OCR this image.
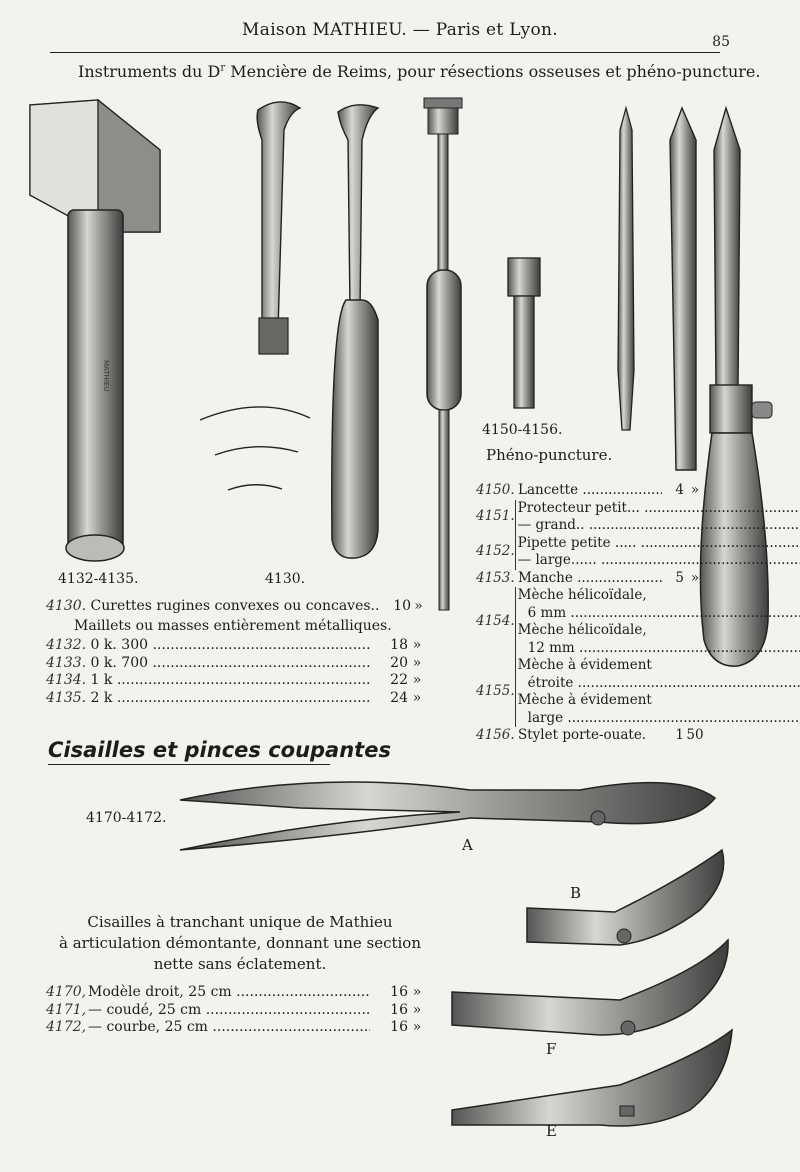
MATHIEU
Maison MATHIEU. — Paris et Lyon.
85
Instruments du $D^r$ Mencière de Reims, pour résections osseuses et phéno-puncture.
4132-4135.	4130.
4150-4156.
Phéno-puncture.
4130.
Curettes rugines convexes ou concaves.. 10 »
Maillets ou masses entièrement métalliques.
4132.
0 k. 300 .....	18 »
4133.
0 k. 700 .....	20 »
4134.
1 k .....	22 »
4135.
2 k .....	24 »
4150. Lancette .....	4 »
4151. Protecteur petit... .....
— grand.. .....
4152. Pipette petite ..... .....
— large...... .....
4153. Manche .....	5 »
4154.
Mèche hélicoïdale,
6 mm .....
Mèche hélicoïdale,
12 mm .....
4155.
Mèche à évidement
étroite .....
Mèche à évidement
large .....
4156. Stylet porte-ouate.	1 50
Cisailles et pinces coupantes
4170-4172.
A
B
F
E
Cisailles à tranchant unique de Mathieu
à articulation démontante, donnant une section
nette sans éclatement.
4170, Modèle droit, 25 cm .....	16 »
4171, — coudé, 25 cm .....	16 »
4172, — courbe, 25 cm .....	16 »
